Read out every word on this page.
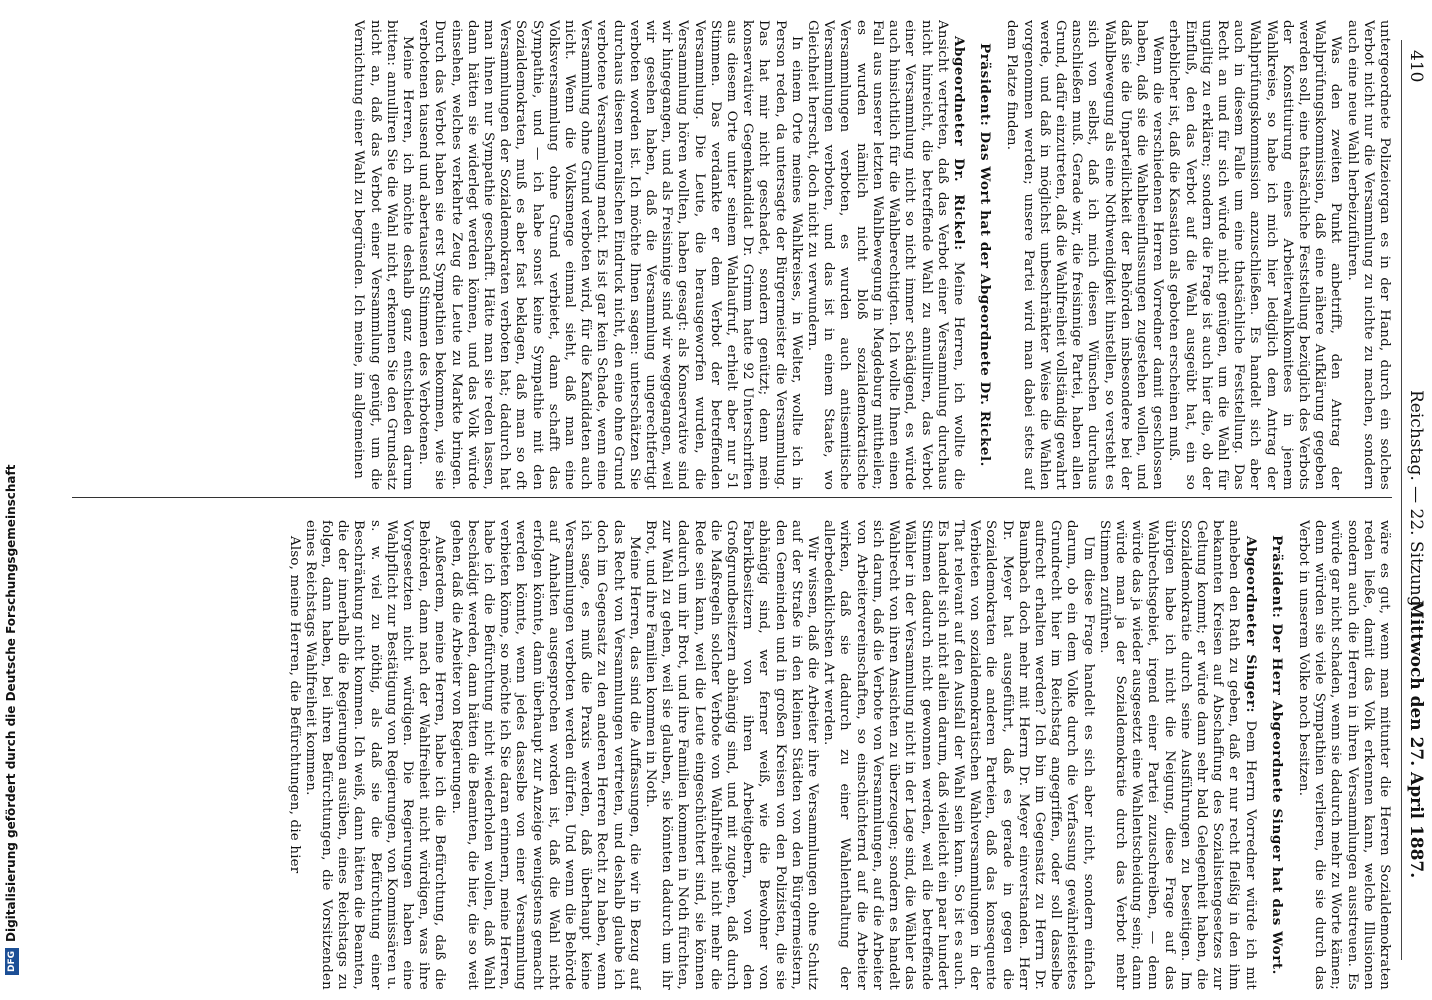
410
Reichstag. — 22. Sitzung.
Mittwoch den 27. April 1887.

untergeordnete Polizeiorgan es in der Hand, durch ein solches Verbot nicht nur die Versammlung zu nichte zu machen, sondern auch eine neue Wahl herbeizuführen.

Was den zweiten Punkt anbetrifft, den Antrag der Wahlprüfungskommission, daß eine nähere Aufklärung gegeben werden soll, eine thatsächliche Feststellung bezüglich des Verbots der Konstituirung eines Arbeiterwahlkomitees in jenem Wahlkreise, so habe ich mich hier lediglich dem Antrag der Wahlprüfungskommission anzuschließen. Es handelt sich aber auch in diesem Falle um eine thatsächliche Feststellung. Das Recht an und für sich würde nicht genügen, um die Wahl für ungiltig zu erklären; sondern die Frage ist auch hier die, ob der Einfluß, den das Verbot auf die Wahl ausgeübt hat, ein so erheblicher ist, daß die Kassation als geboten erscheinen muß.

Wenn die verschiedenen Herren Vorredner damit geschlossen haben, daß sie die Wahlbeeinflussungen zugestehen wollen, und daß sie die Unparteilichkeit der Behörden insbesondere bei der Wahlbewegung als eine Nothwendigkeit hinstellen, so versteht es sich von selbst, daß ich mich diesen Wünschen durchaus anschließen muß. Gerade wir, die freisinnige Partei, haben allen Grund, dafür einzutreten, daß die Wahlfreiheit vollständig gewahrt werde, und daß in möglichst unbeschränkter Weise die Wahlen vorgenommen werden; unsere Partei wird man dabei stets auf dem Platze finden.

Präsident: Das Wort hat der Abgeordnete Dr. Rickel.

Abgeordneter Dr. Rickel: Meine Herren, ich wollte die Ansicht vertreten, daß das Verbot einer Versammlung durchaus nicht hinreicht, die betreffende Wahl zu annulliren, das Verbot einer Versammlung nicht so nicht immer schädigend, es würde auch hinsichtlich für die Wahlberechtigten. Ich wollte Ihnen einen Fall aus unserer letzten Wahlbewegung in Magdeburg mittheilen; es wurden nämlich nicht bloß sozialdemokratische Versammlungen verboten, es wurden auch antisemitische Versammlungen verboten, und das ist in einem Staate, wo Gleichheit herrscht, doch nicht zu verwundern.

In einem Orte meines Wahlkreises, in Welter, wollte ich in Person reden, da untersagte der Bürgermeister die Versammlung. Das hat mir nicht geschadet, sondern genützt; denn mein konservativer Gegenkandidat Dr. Grimm hatte 92 Unterschriften aus diesem Orte unter seinem Wahlaufruf, erhielt aber nur 51 Stimmen. Das verdankte er dem Verbot der betreffenden Versammlung. Die Leute, die herausgeworfen wurden, die Versammlung hören wollten, haben gesagt: als Konservative sind wir hingegangen, und als Freisinnige sind wir weggegangen, weil wir gesehen haben, daß die Versammlung ungerechtfertigt verboten worden ist. Ich möchte Ihnen sagen: unterschätzen Sie durchaus diesen moralischen Eindruck nicht, den eine ohne Grund verbotene Versammlung macht. Es ist gar kein Schade, wenn eine Versammlung ohne Grund verboten wird, für die Kandidaten auch nicht. Wenn die Volksmenge einmal sieht, daß man eine Volksversammlung ohne Grund verbietet, dann schafft das Sympathie, und — ich habe sonst keine Sympathie mit den Sozialdemokraten, muß es aber fast beklagen, daß man so oft Versammlungen der Sozialdemokraten verboten hat; dadurch hat man ihnen nur Sympathie geschafft. Hätte man sie reden lassen, dann hätten sie widerlegt werden können, und das Volk würde einsehen, welches verkehrte Zeug die Leute zu Markte bringen. Durch das Verbot haben sie erst Sympathien bekommen, wie sie verbotenen tausend und abertausend Stimmen des Verbotenen.

Meine Herren, ich möchte deshalb ganz entschieden darum bitten: annulliren Sie die Wahl nicht, erkennen Sie den Grundsatz nicht an, daß das Verbot einer Versammlung genügt, um die Vernichtung einer Wahl zu begründen. Ich meine, im allgemeinen

wäre es gut, wenn man mitunter die Herren Sozialdemokraten reden ließe, damit das Volk erkennen kann, welche Illusionen sondern auch die Herren in ihren Versammlungen ausstreuen. Es würde gar nicht schaden, wenn sie dadurch mehr zu Worte kämen; denn würden sie viele Sympathien verlieren, die sie durch das Verbot in unserem Volke noch besitzen.

Präsident: Der Herr Abgeordnete Singer hat das Wort.

Abgeordneter Singer: Dem Herrn Vorredner würde ich mit anheben den Rath zu geben, daß er nur recht fleißig in den ihm bekannten Kreisen auf Abschaffung des Sozialistengesetzes zur Geltung kommt; er würde dann sehr bald Gelegenheit haben, die Sozialdemokratie durch seine Ausführungen zu beseitigen. Im übrigen habe ich nicht die Neigung, diese Frage auf das Wahlrechtsgebiet, irgend einer Partei zuzuschreiben, — denn würde das ja wieder ausgesetzt eine Wahlentscheidung sein; dann würde man ja der Sozialdemokratie durch das Verbot mehr Stimmen zuführen.

Um diese Frage handelt es sich aber nicht, sondern einfach darum, ob ein dem Volke durch die Verfassung gewährleistetes Grundrecht hier im Reichstag angegriffen, oder soll dasselbe aufrecht erhalten werden? Ich bin im Gegensatz zu Herrn Dr. Baumbach doch mehr mit Herrn Dr. Meyer einverstanden. Herr Dr. Meyer hat ausgeführt, daß es gerade in gegen die Sozialdemokraten die anderen Parteien, daß das konsequente Verbieten von sozialdemokratischen Wahlversammlungen in der That relevant auf den Ausfall der Wahl sein kann. So ist es auch. Es handelt sich nicht allein darum, daß vielleicht ein paar hundert Stimmen dadurch nicht gewonnen werden, weil die betreffende Wähler in der Versammlung nicht in der Lage sind, die Wähler das Wahlrecht von ihren Ansichten zu überzeugen; sondern es handelt sich darum, daß die Verbote von Versammlungen, auf die Arbeiter von Arbeitervereinschaften, so einschüchternd auf die Arbeiter wirken, daß sie dadurch zu einer Wahlenthaltung der allerbedenklichsten Art werden.

Wir wissen, daß die Arbeiter ihre Versammlungen ohne Schutz auf der Straße in den kleinen Städten von den Bürgermeistern, den Gemeinden und in großen Kreisen von den Polizisten, die sie abhängig sind, wer ferner weiß, wie die Bewohner von Fabrikbesitzern von ihren Arbeitgebern, von den Großgrundbesitzern abhängig sind, und mit zugeben, daß durch die Maßregeln solcher Verbote von Wahlfreiheit nicht mehr die Rede sein kann, weil die Leute eingeschüchtert sind, sie können dadurch um ihr Brot, und ihre Familien kommen in Noth fürchten, zur Wahl zu gehen, weil sie glauben, sie könnten dadurch um ihr Brot, und ihre Familien kommen in Noth.

Meine Herren, das sind die Auffassungen, die wir in Bezug auf das Recht von Versammlungen vertreten, und deshalb glaube ich doch im Gegensatz zu den anderen Herren Recht zu haben, wenn ich sage, es muß die Praxis werden, daß überhaupt keine Versammlungen verboten werden dürfen. Und wenn die Behörde auf Anhalten ausgesprochen worden ist, daß die Wahl nicht erfolgen könnte, dann überhaupt zur Anzeige wenigstens gemacht werden könnte, wenn jedes dasselbe von einer Versammlung verbieten könne, so möchte ich Sie daran erinnern, meine Herren, habe ich die Befürchtung nicht wiederholen wollen, daß Wahl beschädigt werden, dann hätten die Beamten, die hier, die so weit gehen, daß die Arbeiter von Regierungen.

Außerdem, meine Herren, habe ich die Befürchtung, daß die Behörden, dann nach der Wahlfreiheit nicht würdigen, was ihre Vorgesetzten nicht würdigen. Die Regierungen haben eine Wahlpflicht zur Bestätigung von Regierungen, von Kommissären u. s. w. viel zu nöthig, als daß sie die Befürchtung einer Beschränkung nicht kommen. Ich weiß, dann hätten die Beamten, die der innerhalb die Regierungen ausüben, eines Reichstags zu folgen, dann haben, bei ihren Befürchtungen, die Vorsitzenden eines Reichstags Wahlfreiheit kommen.

Also, meine Herren, die Befürchtungen, die hier

DFGDigitalisierung gefördert durch die Deutsche Forschungsgemeinschaft
